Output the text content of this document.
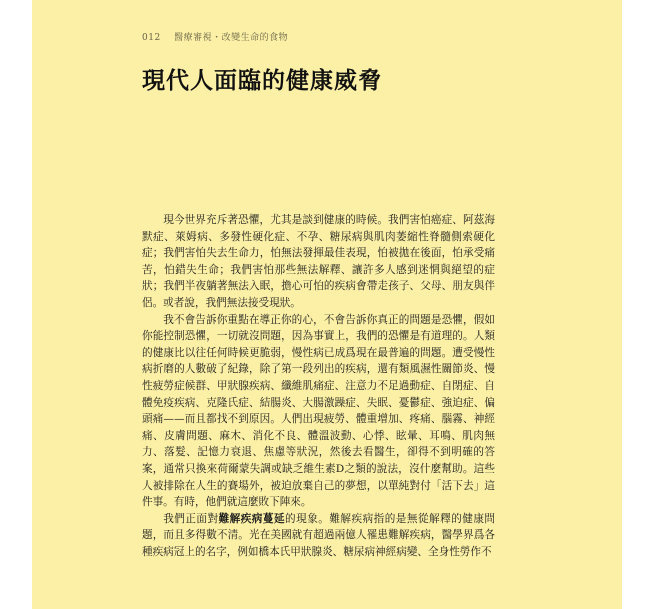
012 醫療審視・改變生命的食物
現代人面臨的健康威脅

現今世界充斥著恐懼，尤其是談到健康的時候。我們害怕癌症、阿茲海默症、萊姆病、多發性硬化症、不孕、糖尿病與肌肉萎縮性脊髓側索硬化症；我們害怕失去生命力，怕無法發揮最佳表現，怕被拋在後面，怕承受痛苦，怕錯失生命；我們害怕那些無法解釋、讓許多人感到迷惘與絕望的症狀；我們半夜躺著無法入眠，擔心可怕的疾病會帶走孩子、父母、朋友與伴侶。或者說，我們無法接受現狀。

我不會告訴你重點在導正你的心，不會告訴你真正的問題是恐懼，假如你能控制恐懼，一切就沒問題，因為事實上，我們的恐懼是有道理的。人類的健康比以往任何時候更脆弱，慢性病已成爲現在最普遍的問題。遭受慢性病折磨的人數破了紀錄，除了第一段列出的疾病，還有類風濕性關節炎、慢性疲勞症候群、甲狀腺疾病、纖維肌痛症、注意力不足過動症、自閉症、自體免疫疾病、克隆氏症、結腸炎、大腸激躁症、失眠、憂鬱症、強迫症、偏頭痛——而且都找不到原因。人們出現疲勞、體重增加、疼痛、腦霧、神經痛、皮膚問題、麻木、消化不良、體溫波動、心悸、眩暈、耳鳴、肌肉無力、落髮、記憶力衰退、焦慮等狀況，然後去看醫生，卻得不到明確的答案，通常只換來荷爾蒙失調或缺乏維生素D之類的說法，沒什麼幫助。這些人被排除在人生的賽場外，被迫放棄自己的夢想，以單純對付「活下去」這件事。有時，他們就這麼敗下陣來。

我們正面對難解疾病蔓延的現象。難解疾病指的是無從解釋的健康問題，而且多得數不清。光在美國就有超過兩億人罹患難解疾病，醫學界爲各種疾病冠上的名字，例如橋本氏甲狀腺炎、糖尿病神經病變、全身性勞作不
